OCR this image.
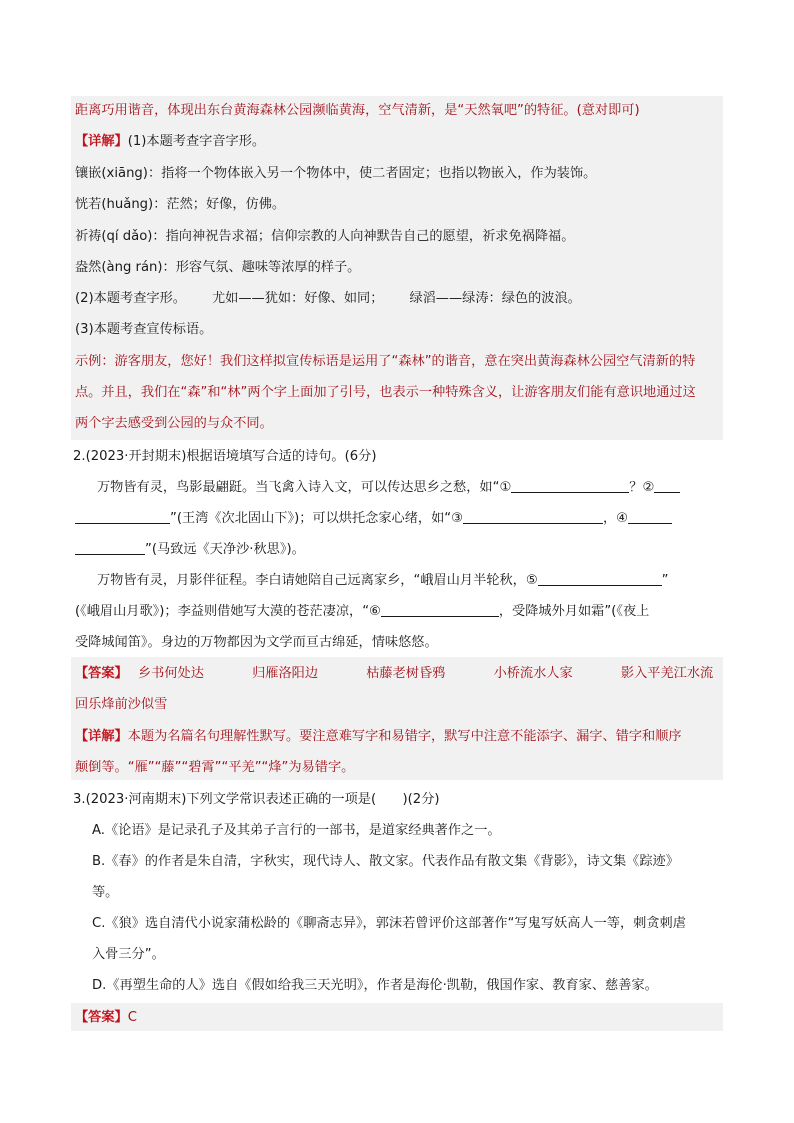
距离巧用谐音，体现出东台黄海森林公园濒临黄海，空气清新，是“天然氧吧”的特征。(意对即可)
【详解】(1)本题考查字音字形。
镶嵌(xiāng)：指将一个物体嵌入另一个物体中，使二者固定；也指以物嵌入，作为装饰。
恍若(huǎng)：茫然；好像，仿佛。
祈祷(qí dǎo)：指向神祝告求福；信仰宗教的人向神默告自己的愿望，祈求免祸降福。
盎然(àng rán)：形容气氛、趣味等浓厚的样子。
(2)本题考查字形。 尤如——犹如：好像、如同； 绿滔——绿涛：绿色的波浪。
(3)本题考查宣传标语。
示例：游客朋友，您好！我们这样拟宣传标语是运用了“森林”的谐音，意在突出黄海森林公园空气清新的特
点。并且，我们在“森”和“林”两个字上面加了引号，也表示一种特殊含义，让游客朋友们能有意识地通过这
两个字去感受到公园的与众不同。
2.(2023·开封期末)根据语境填写合适的诗句。(6分)
万物皆有灵，鸟影最翩跹。当飞禽入诗入文，可以传达思乡之愁，如“①	？②
”(王湾《次北固山下》)；可以烘托念家心绪，如“③	，④
”(马致远《天净沙·秋思》)。
万物皆有灵，月影伴征程。李白请她陪自己远离家乡，“峨眉山月半轮秋，⑤	”
(《峨眉山月歌》)；李益则借她写大漠的苍茫凄凉，“⑥	，受降城外月如霜”(《夜上
受降城闻笛》。身边的万物都因为文学而亘古绵延，情味悠悠。
【答案】 乡书何处达	归雁洛阳边	枯藤老树昏鸦	小桥流水人家	影入平羌江水流
回乐烽前沙似雪
【详解】本题为名篇名句理解性默写。要注意难写字和易错字，默写中注意不能添字、漏字、错字和顺序
颠倒等。“雁”“藤”“碧霄”“平羌”“烽”为易错字。
3.(2023·河南期末)下列文学常识表述正确的一项是(　　)(2分)
A.《论语》是记录孔子及其弟子言行的一部书，是道家经典著作之一。
B.《春》的作者是朱自清，字秋实，现代诗人、散文家。代表作品有散文集《背影》，诗文集《踪迹》
等。
C.《狼》选自清代小说家蒲松龄的《聊斋志异》，郭沫若曾评价这部著作“写鬼写妖高人一等，刺贪刺虐
入骨三分”。
D.《再塑生命的人》选自《假如给我三天光明》，作者是海伦·凯勒，俄国作家、教育家、慈善家。
【答案】C
